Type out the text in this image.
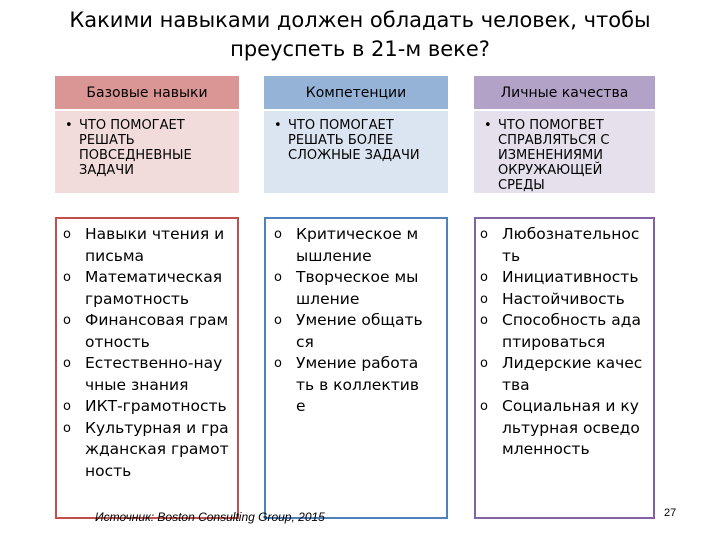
Какими навыками должен обладать человек, чтобы
преуспеть в 21-м веке?
Базовые навыки
• ЧТО ПОМОГАЕТ РЕШАТЬ ПОВСЕДНЕВНЫЕ ЗАДАЧИ
o Навыки чтения и письма
o Математическая грамотность
o Финансовая грамотность
o Естественно-научные знания
o ИКТ-грамотность
o Культурная и гражданская грамотность
Компетенции
• ЧТО ПОМОГАЕТ РЕШАТЬ БОЛЕЕ СЛОЖНЫЕ ЗАДАЧИ
o Критическое мышление
o Творческое мышление
o Умение общаться
o Умение работать в коллективе
Личные качества
• ЧТО ПОМОГВЕТ СПРАВЛЯТЬСЯ С ИЗМЕНЕНИЯМИ ОКРУЖАЮЩЕЙ СРЕДЫ
o Любознательность
o Инициативность
o Настойчивость
o Способность адаптироваться
o Лидерские качества
o Социальная и культурная осведомленность
Источник: Boston Consulting Group, 2015	27
